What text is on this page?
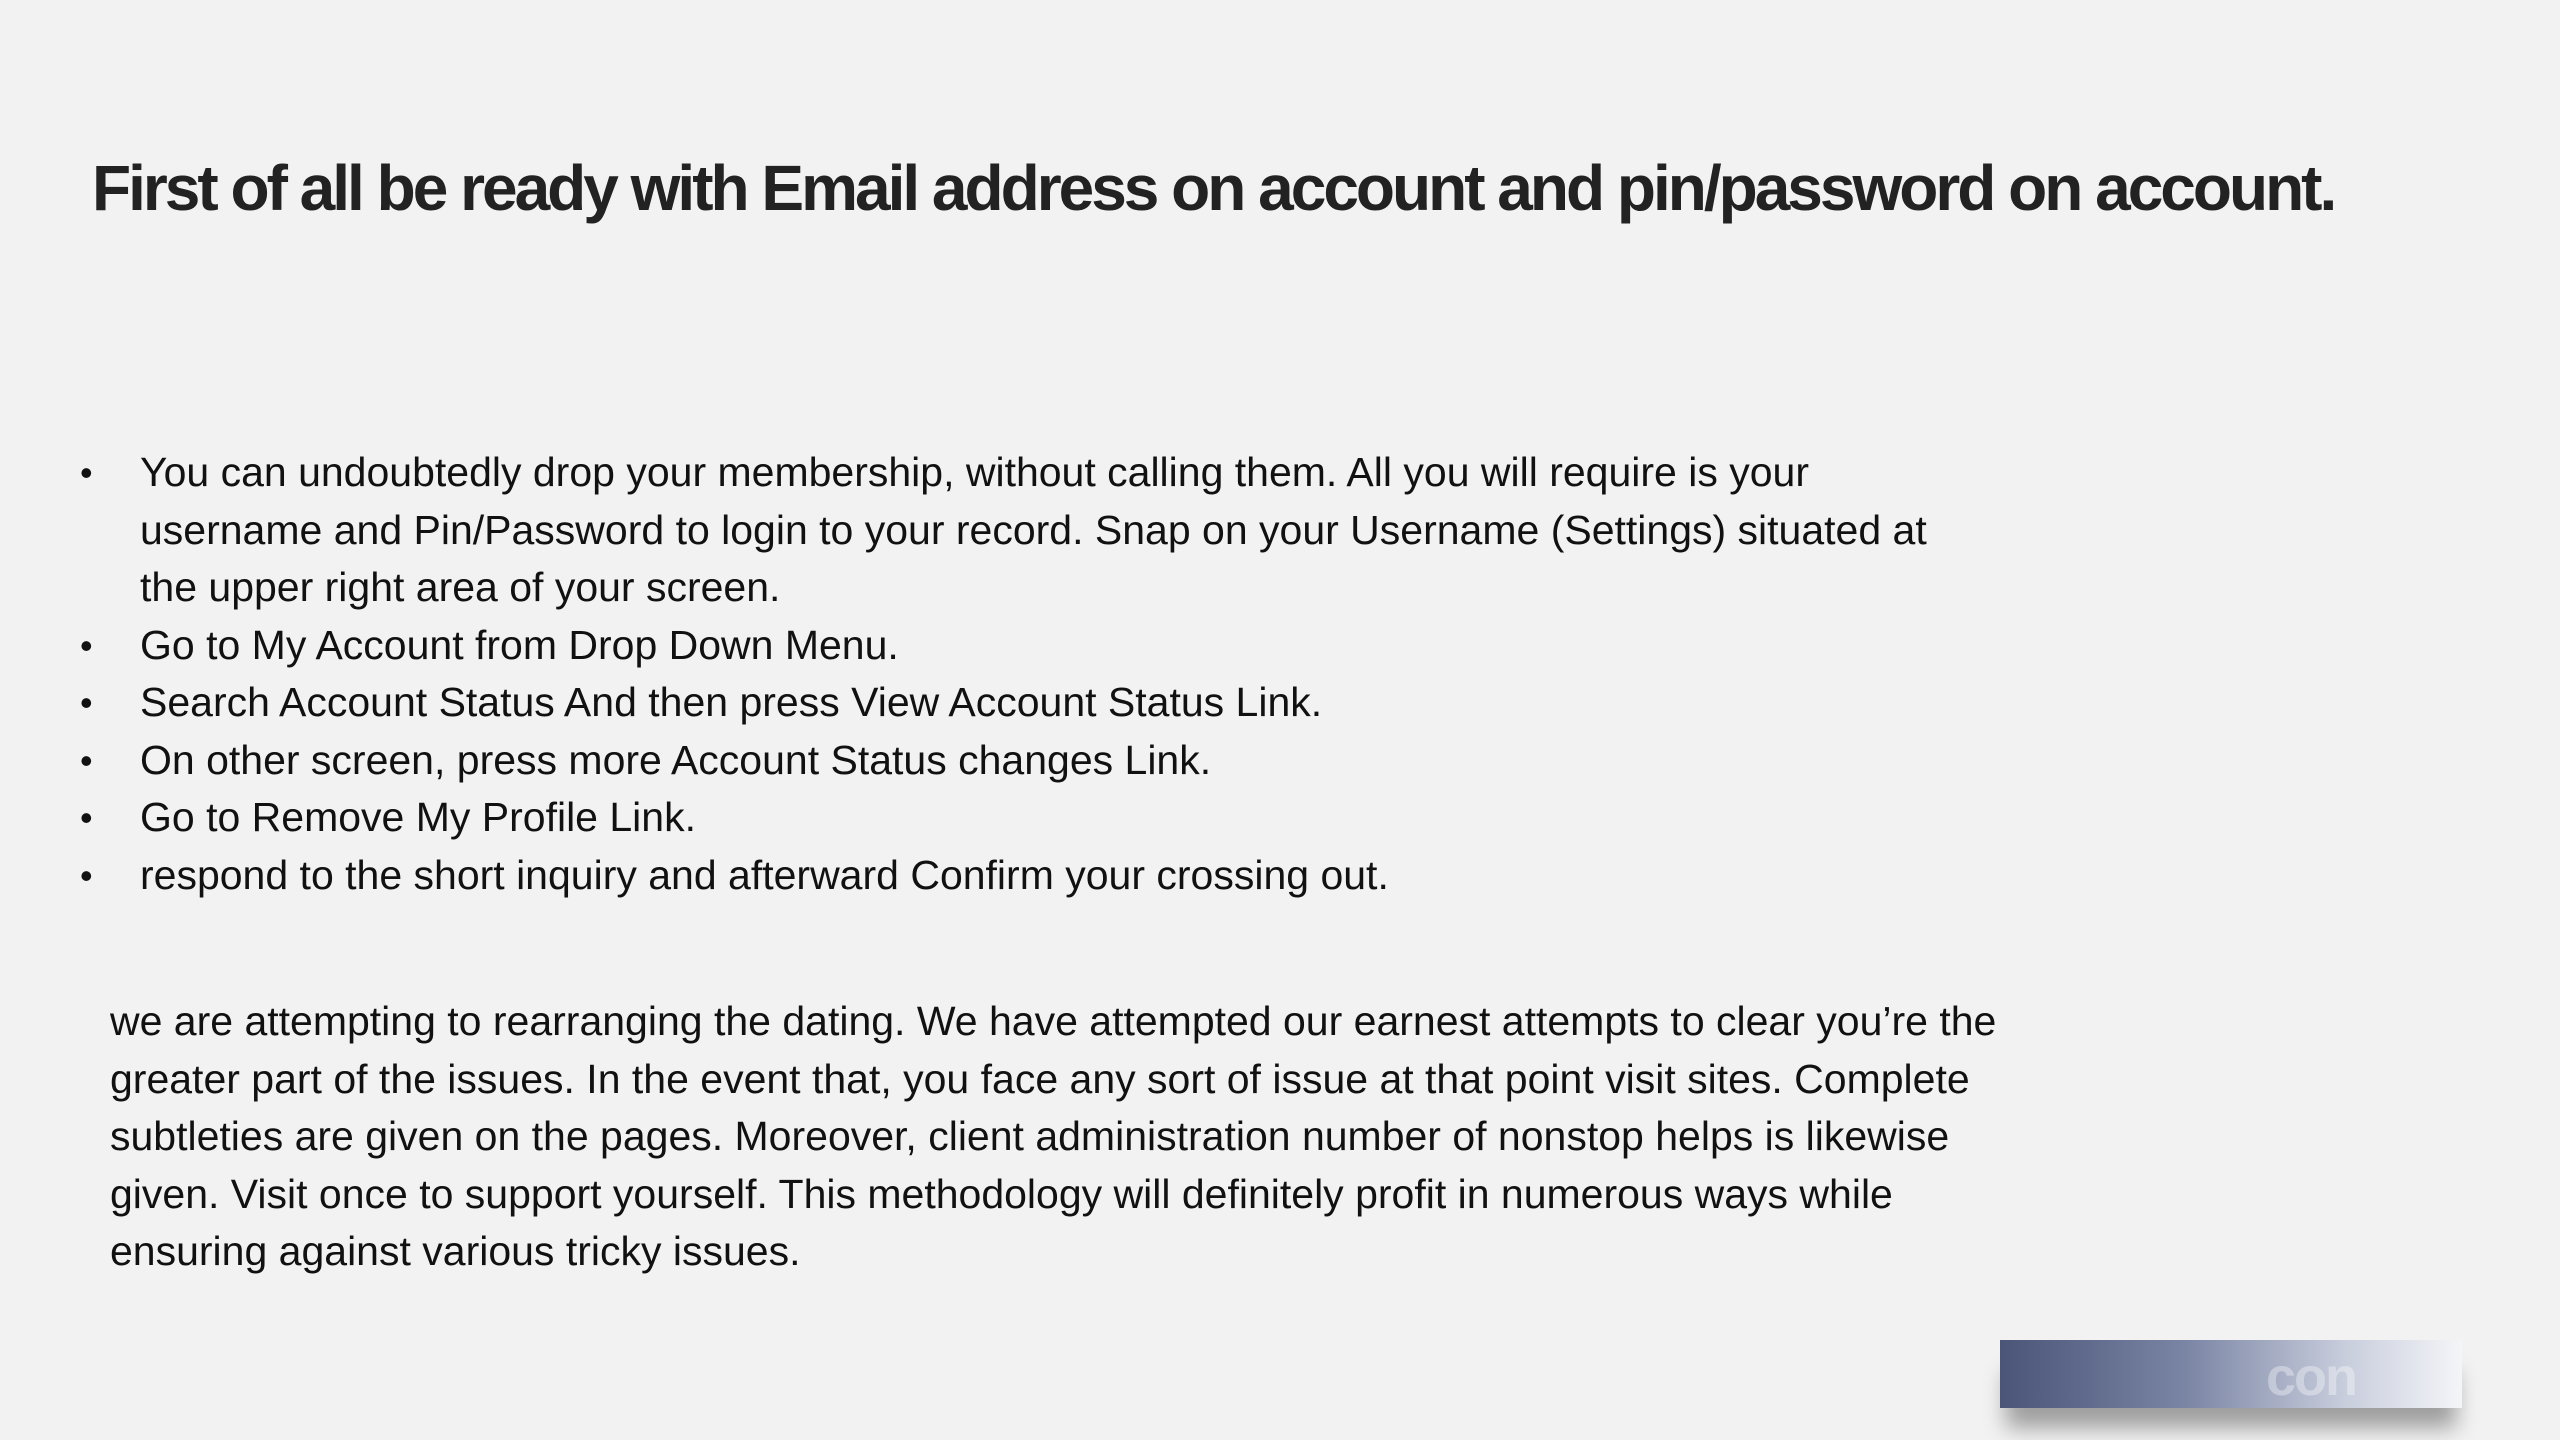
First of all be ready with Email address on account and pin/password on account.
• You can undoubtedly drop your membership, without calling them. All you will require is your username and Pin/Password to login to your record. Snap on your Username (Settings) situated at the upper right area of your screen.
• Go to My Account from Drop Down Menu.
• Search Account Status And then press View Account Status Link.
• On other screen, press more Account Status changes Link.
• Go to Remove My Profile Link.
• respond to the short inquiry and afterward Confirm your crossing out.

we are attempting to rearranging the dating. We have attempted our earnest attempts to clear you’re the greater part of the issues. In the event that, you face any sort of issue at that point visit sites. Complete subtleties are given on the pages. Moreover, client administration number of nonstop helps is likewise given. Visit once to support yourself. This methodology will definitely profit in numerous ways while ensuring against various tricky issues.

con
